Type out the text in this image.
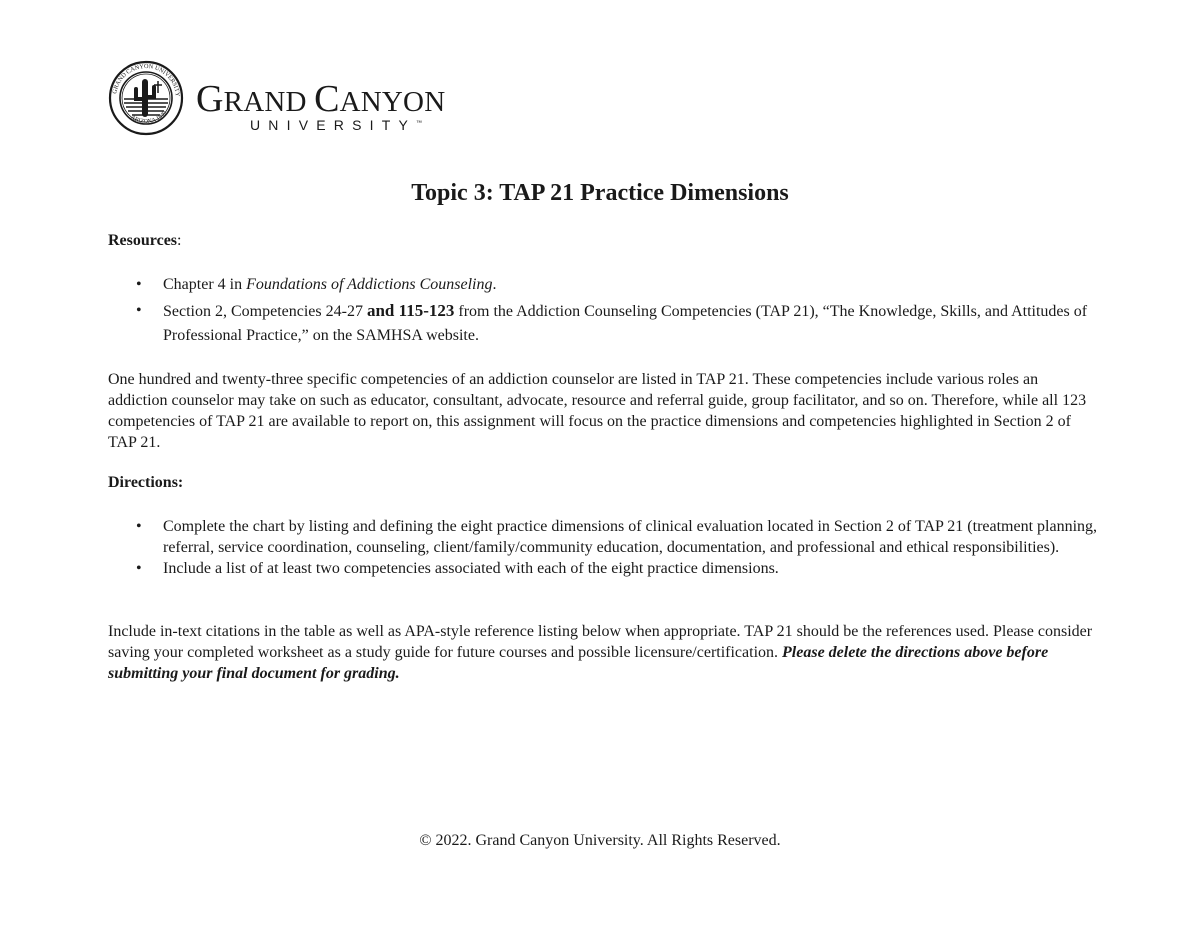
GRAND CANYON UNIVERSITY
ARIZONA 1949 GRAND CANYON
UNIVERSITY™
Topic 3: TAP 21 Practice Dimensions
Resources:
• Chapter 4 in Foundations of Addictions Counseling.
• Section 2, Competencies 24-27 and 115-123 from the Addiction Counseling Competencies (TAP 21), “The Knowledge, Skills, and Attitudes of Professional Practice,” on the SAMHSA website.

One hundred and twenty-three specific competencies of an addiction counselor are listed in TAP 21. These competencies include various roles an addiction counselor may take on such as educator, consultant, advocate, resource and referral guide, group facilitator, and so on. Therefore, while all 123 competencies of TAP 21 are available to report on, this assignment will focus on the practice dimensions and competencies highlighted in Section 2 of TAP 21.

Directions:
• Complete the chart by listing and defining the eight practice dimensions of clinical evaluation located in Section 2 of TAP 21 (treatment planning, referral, service coordination, counseling, client/family/community education, documentation, and professional and ethical responsibilities).
• Include a list of at least two competencies associated with each of the eight practice dimensions.

Include in-text citations in the table as well as APA-style reference listing below when appropriate. TAP 21 should be the references used. Please consider saving your completed worksheet as a study guide for future courses and possible licensure/certification. Please delete the directions above before submitting your final document for grading.

© 2022. Grand Canyon University. All Rights Reserved.
